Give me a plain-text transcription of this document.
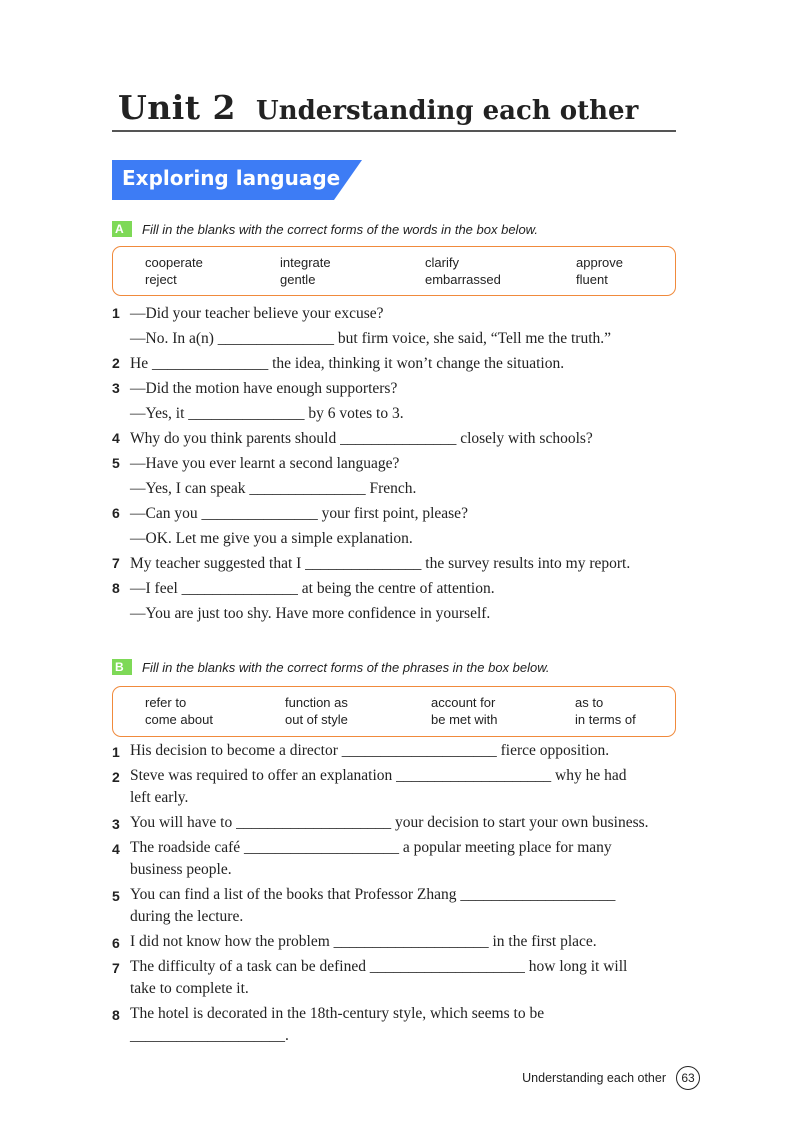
Unit 2 Understanding each other
Exploring language
A	Fill in the blanks with the correct forms of the words in the box below.
cooperate	integrate	clarify	approve
reject	gentle	embarrassed	fluent
1 —Did your teacher believe your excuse?
—No. In a(n) _______________ but firm voice, she said, “Tell me the truth.”
2 He _______________ the idea, thinking it won’t change the situation.
3 —Did the motion have enough supporters?
—Yes, it _______________ by 6 votes to 3.
4 Why do you think parents should _______________ closely with schools?
5 —Have you ever learnt a second language?
—Yes, I can speak _______________ French.
6 —Can you _______________ your first point, please?
—OK. Let me give you a simple explanation.
7 My teacher suggested that I _______________ the survey results into my report.
8 —I feel _______________ at being the centre of attention.
—You are just too shy. Have more confidence in yourself.
B	Fill in the blanks with the correct forms of the phrases in the box below.
refer to	function as	account for	as to
come about	out of style	be met with	in terms of
1 His decision to become a director ____________________ fierce opposition.
2 Steve was required to offer an explanation ____________________ why he had
left early.
3 You will have to ____________________ your decision to start your own business.
4 The roadside café ____________________ a popular meeting place for many
business people.
5 You can find a list of the books that Professor Zhang ____________________
during the lecture.
6 I did not know how the problem ____________________ in the first place.
7 The difficulty of a task can be defined ____________________ how long it will
take to complete it.
8 The hotel is decorated in the 18th-century style, which seems to be
____________________.
Understanding each other	63
